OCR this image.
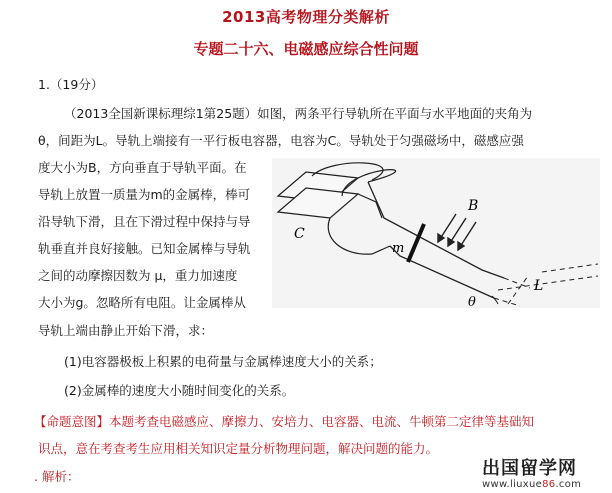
2013高考物理分类解析
专题二十六、电磁感应综合性问题
1.（19分）
（2013全国新课标理综1第25题）如图，两条平行导轨所在平面与水平地面的夹角为
θ，间距为L。导轨上端接有一平行板电容器，电容为C。导轨处于匀强磁场中，磁感应强
度大小为B，方向垂直于导轨平面。在
导轨上放置一质量为m的金属棒，棒可
沿导轨下滑，且在下滑过程中保持与导
轨垂直并良好接触。已知金属棒与导轨
之间的动摩擦因数为 μ，重力加速度
大小为g。忽略所有电阻。让金属棒从
导轨上端由静止开始下滑，求：
(1)电容器极板上积累的电荷量与金属棒速度大小的关系；
(2)金属棒的速度大小随时间变化的关系。
【命题意图】本题考查电磁感应、摩擦力、安培力、电容器、电流、牛顿第二定律等基础知
识点，意在考查考生应用相关知识定量分析物理问题，解决问题的能力。
. 解析：
C
m
B
L
θ
出国留学网
www.liuxue86.com
